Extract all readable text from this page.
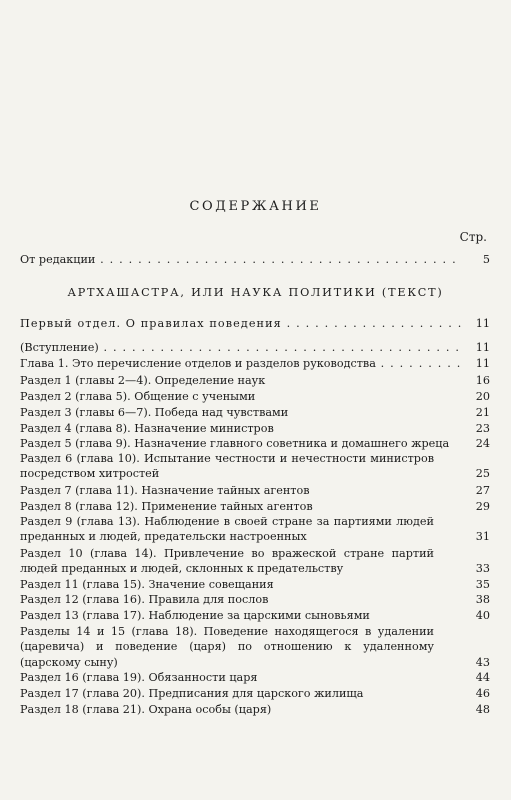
СОДЕРЖАНИЕ
Стр.
От редакции . . .	5
Первый отдел. О правилах поведения . . .	11
(Вступление) . . .	11
Глава 1. Это перечисление отделов и разделов руководства . . .	11
Раздел 1 (главы 2—4). Определение наук	16
Раздел 2 (глава 5). Общение с учеными	20
Раздел 3 (главы 6—7). Победа над чувствами	21
Раздел 4 (глава 8). Назначение министров	23
Раздел 5 (глава 9). Назначение главного советника и домашнего жреца	24
Раздел 6 (глава 10). Испытание честности и нечестности министров посредством хитростей	25
Раздел 7 (глава 11). Назначение тайных агентов	27
Раздел 8 (глава 12). Применение тайных агентов	29
Раздел 9 (глава 13). Наблюдение в своей стране за партиями людей преданных и людей, предательски настроенных	31
Раздел 10 (глава 14). Привлечение во вражеской стране партий людей преданных и людей, склонных к предательству	33
Раздел 11 (глава 15). Значение совещания	35
Раздел 12 (глава 16). Правила для послов	38
Раздел 13 (глава 17). Наблюдение за царскими сыновьями	40
Разделы 14 и 15 (глава 18). Поведение находящегося в удалении (царевича) и поведение (царя) по отношению к удаленному (царскому сыну)	43
Раздел 16 (глава 19). Обязанности царя	44
Раздел 17 (глава 20). Предписания для царского жилища	46
Раздел 18 (глава 21). Охрана особы (царя)	48
АРТХАШАСТРА, ИЛИ НАУКА ПОЛИТИКИ (ТЕКСТ)
